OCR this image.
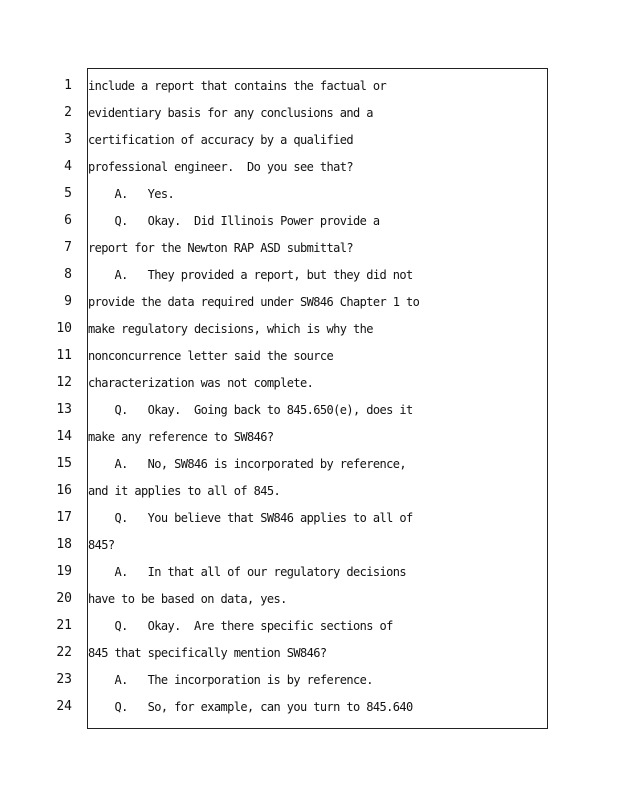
1 include a report that contains the factual or
2 evidentiary basis for any conclusions and a
3 certification of accuracy by a qualified
4 professional engineer.  Do you see that?
5 A.   Yes.
6 Q.   Okay.  Did Illinois Power provide a
7 report for the Newton RAP ASD submittal?
8 A.   They provided a report, but they did not
9 provide the data required under SW846 Chapter 1 to
10 make regulatory decisions, which is why the
11 nonconcurrence letter said the source
12 characterization was not complete.
13 Q.   Okay.  Going back to 845.650(e), does it
14 make any reference to SW846?
15 A.   No, SW846 is incorporated by reference,
16 and it applies to all of 845.
17 Q.   You believe that SW846 applies to all of
18 845?
19 A.   In that all of our regulatory decisions
20 have to be based on data, yes.
21 Q.   Okay.  Are there specific sections of
22 845 that specifically mention SW846?
23 A.   The incorporation is by reference.
24 Q.   So, for example, can you turn to 845.640
